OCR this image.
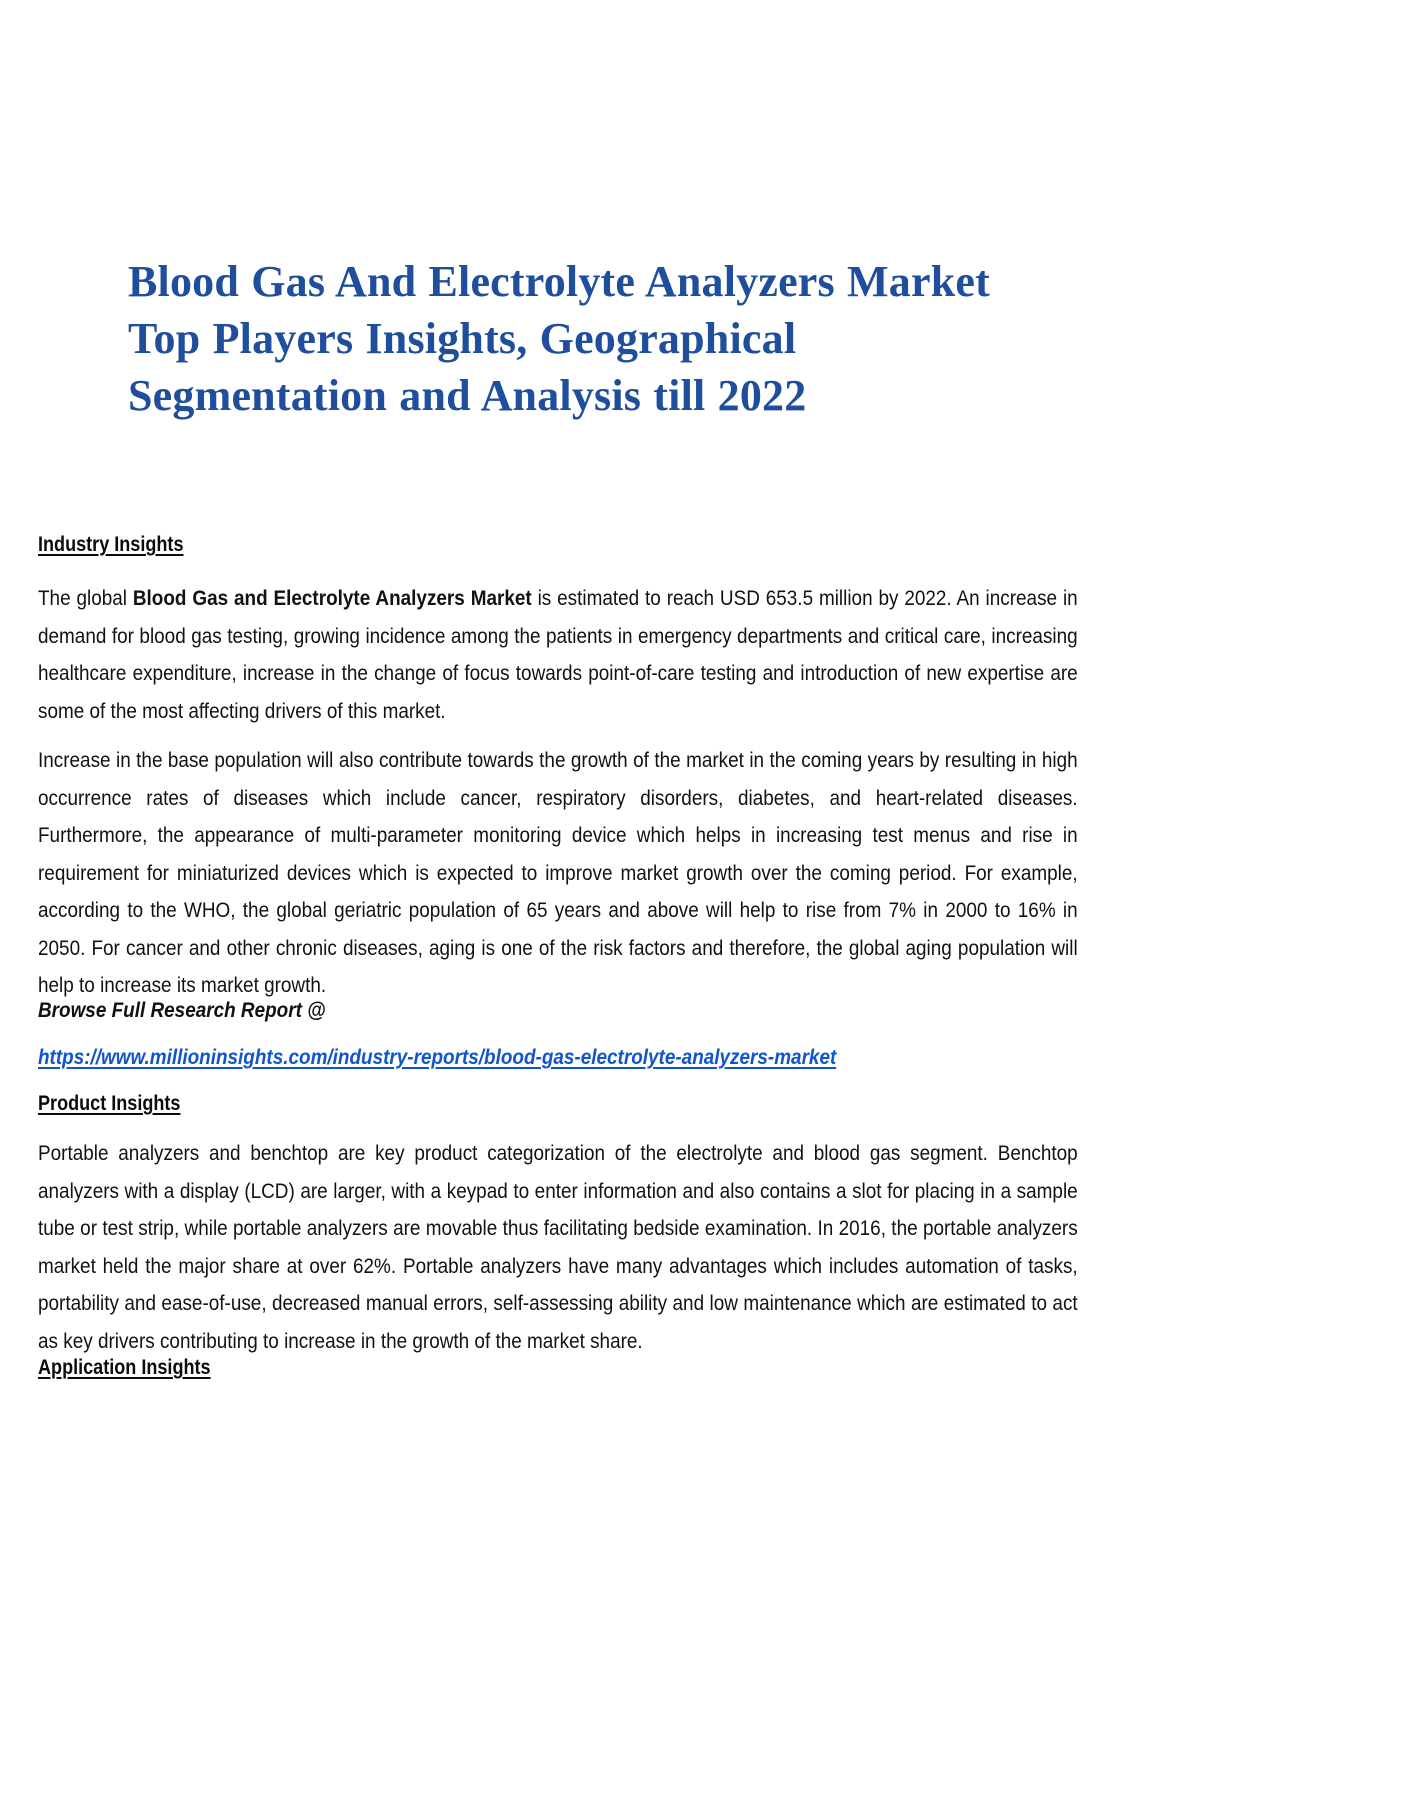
Blood Gas And Electrolyte Analyzers Market
Top Players Insights, Geographical
Segmentation and Analysis till 2022
Industry Insights

The global Blood Gas and Electrolyte Analyzers Market is estimated to reach USD 653.5 million by 2022. An increase in demand for blood gas testing, growing incidence among the patients in emergency departments and critical care, increasing healthcare expenditure, increase in the change of focus towards point-of-care testing and introduction of new expertise are some of the most affecting drivers of this market.

Increase in the base population will also contribute towards the growth of the market in the coming years by resulting in high occurrence rates of diseases which include cancer, respiratory disorders, diabetes, and heart-related diseases. Furthermore, the appearance of multi-parameter monitoring device which helps in increasing test menus and rise in requirement for miniaturized devices which is expected to improve market growth over the coming period. For example, according to the WHO, the global geriatric population of 65 years and above will help to rise from 7% in 2000 to 16% in 2050. For cancer and other chronic diseases, aging is one of the risk factors and therefore, the global aging population will help to increase its market growth.

Browse Full Research Report @
https://www.millioninsights.com/industry-reports/blood-gas-electrolyte-analyzers-market
Product Insights

Portable analyzers and benchtop are key product categorization of the electrolyte and blood gas segment. Benchtop analyzers with a display (LCD) are larger, with a keypad to enter information and also contains a slot for placing in a sample tube or test strip, while portable analyzers are movable thus facilitating bedside examination. In 2016, the portable analyzers market held the major share at over 62%. Portable analyzers have many advantages which includes automation of tasks, portability and ease-of-use, decreased manual errors, self-assessing ability and low maintenance which are estimated to act as key drivers contributing to increase in the growth of the market share.

Application Insights
